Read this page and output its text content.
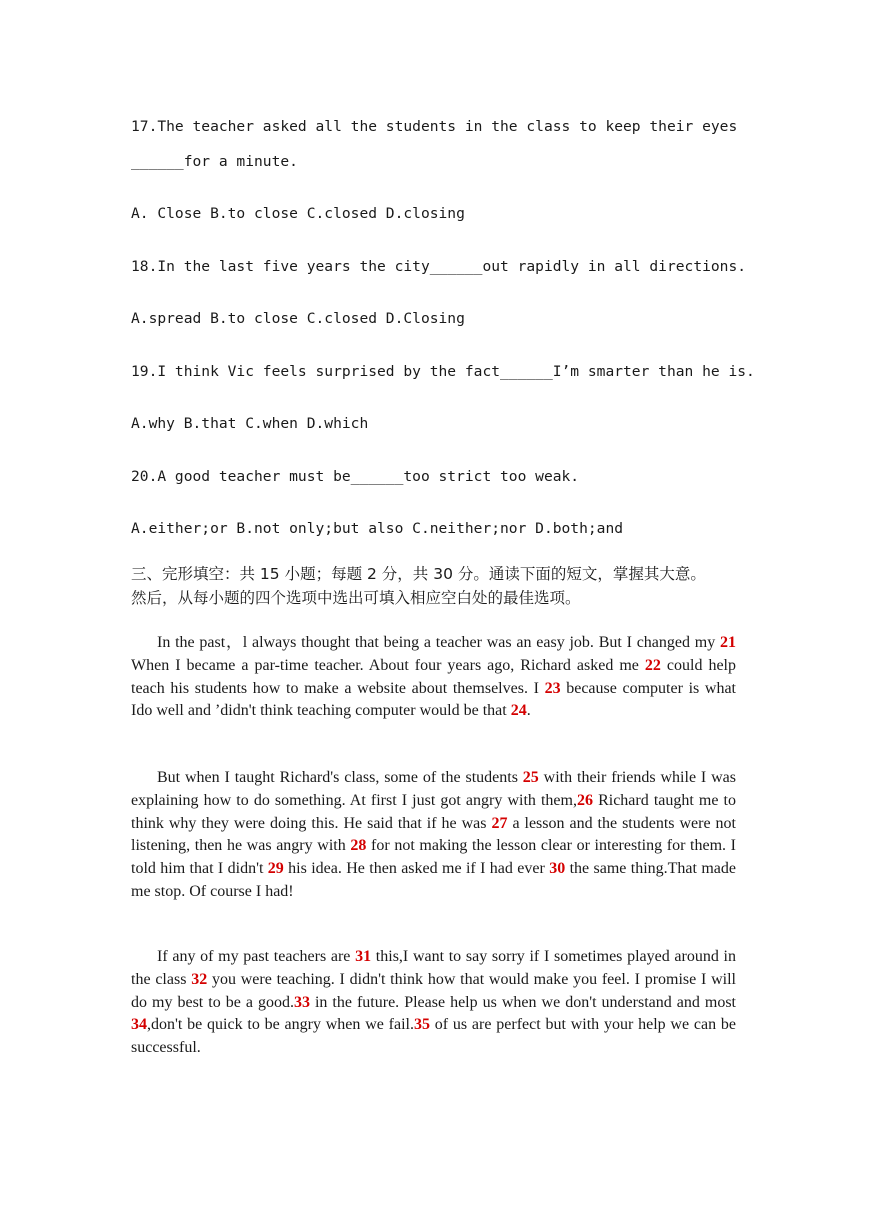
17.The teacher asked all the students in the class to keep their eyes
______for a minute.
A. Close B.to close C.closed D.closing
18.In the last five years the city______out rapidly in all directions.
A.spread B.to close C.closed D.Closing
19.I think Vic feels surprised by the fact______I’m smarter than he is.
A.why B.that C.when D.which
20.A good teacher must be______too strict too weak.
A.either;or B.not only;but also C.neither;nor D.both;and
三、完形填空：共 15 小题；每题 2 分，共 30 分。通读下面的短文，掌握其大意。
然后，从每小题的四个选项中选出可填入相应空白处的最佳选项。
In the past，l always thought that being a teacher was an easy job. But I changed my 21 When I became a par-time teacher. About four years ago, Richard asked me 22 could help teach his students how to make a website about themselves. I 23 because computer is what Ido well and ’didn't think teaching computer would be that 24.
But when I taught Richard's class, some of the students 25 with their friends while I was explaining how to do something. At first I just got angry with them,26 Richard taught me to think why they were doing this. He said that if he was 27 a lesson and the students were not listening, then he was angry with 28 for not making the lesson clear or interesting for them. I told him that I didn't 29 his idea. He then asked me if I had ever 30 the same thing.That made me stop. Of course I had!
If any of my past teachers are 31 this,I want to say sorry if I sometimes played around in the class 32 you were teaching. I didn't think how that would make you feel. I promise I will do my best to be a good.33 in the future. Please help us when we don't understand and most 34,don't be quick to be angry when we fail.35 of us are perfect but with your help we can be successful.
